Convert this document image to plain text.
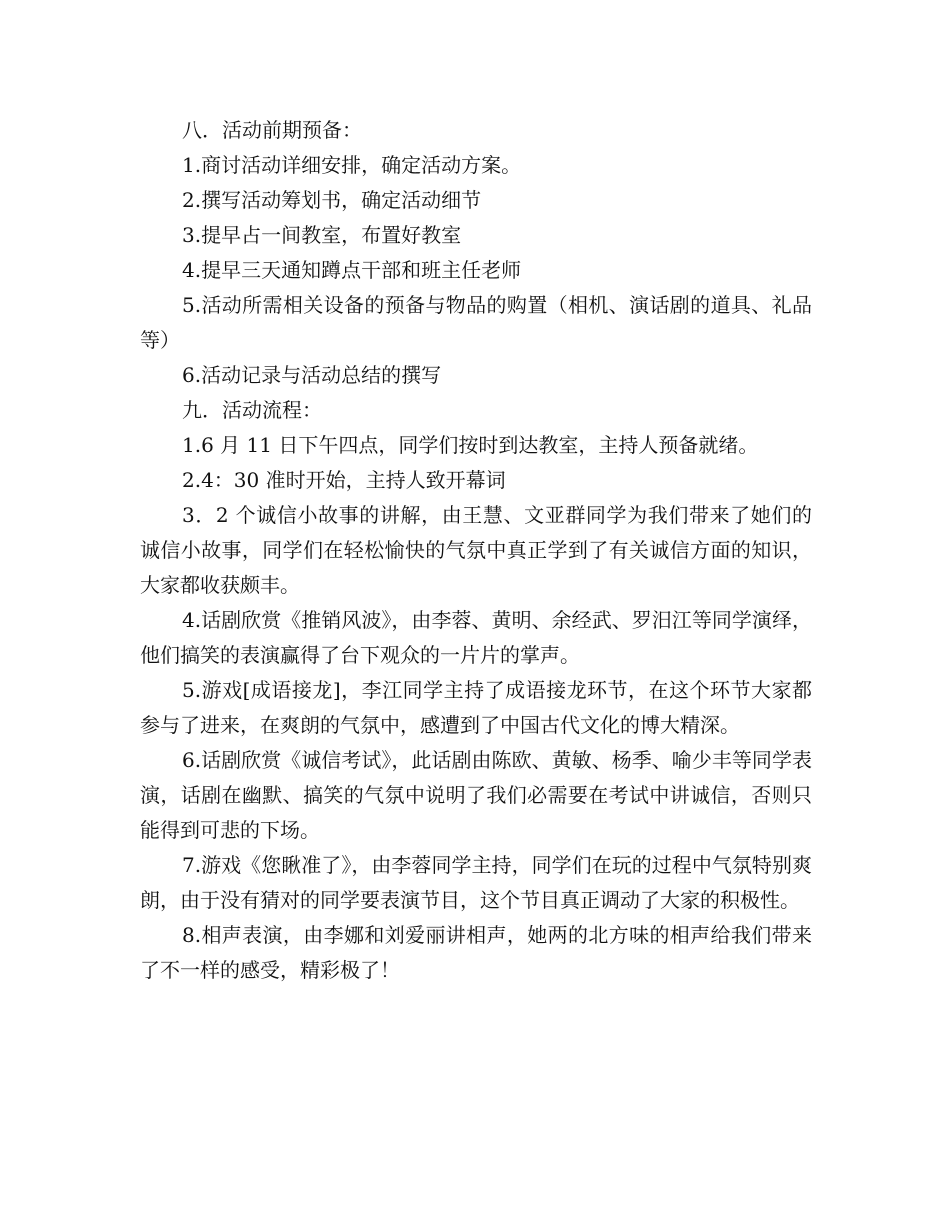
八．活动前期预备：

1.商讨活动详细安排，确定活动方案。

2.撰写活动筹划书，确定活动细节

3.提早占一间教室，布置好教室

4.提早三天通知蹲点干部和班主任老师

5.活动所需相关设备的预备与物品的购置（相机、演话剧的道具、礼品等）

6.活动记录与活动总结的撰写

九．活动流程：

1.6 月 11 日下午四点，同学们按时到达教室，主持人预备就绪。

2.4：30 准时开始，主持人致开幕词

3．2 个诚信小故事的讲解，由王慧、文亚群同学为我们带来了她们的诚信小故事，同学们在轻松愉快的气氛中真正学到了有关诚信方面的知识，大家都收获颇丰。

4.话剧欣赏《推销风波》，由李蓉、黄明、余经武、罗汨江等同学演绎，他们搞笑的表演赢得了台下观众的一片片的掌声。

5.游戏[成语接龙]，李江同学主持了成语接龙环节，在这个环节大家都参与了进来，在爽朗的气氛中，感遭到了中国古代文化的博大精深。

6.话剧欣赏《诚信考试》，此话剧由陈欧、黄敏、杨季、喻少丰等同学表演，话剧在幽默、搞笑的气氛中说明了我们必需要在考试中讲诚信，否则只能得到可悲的下场。

7.游戏《您瞅准了》，由李蓉同学主持，同学们在玩的过程中气氛特别爽朗，由于没有猜对的同学要表演节目，这个节目真正调动了大家的积极性。

8.相声表演，由李娜和刘爱丽讲相声，她两的北方味的相声给我们带来了不一样的感受，精彩极了！
